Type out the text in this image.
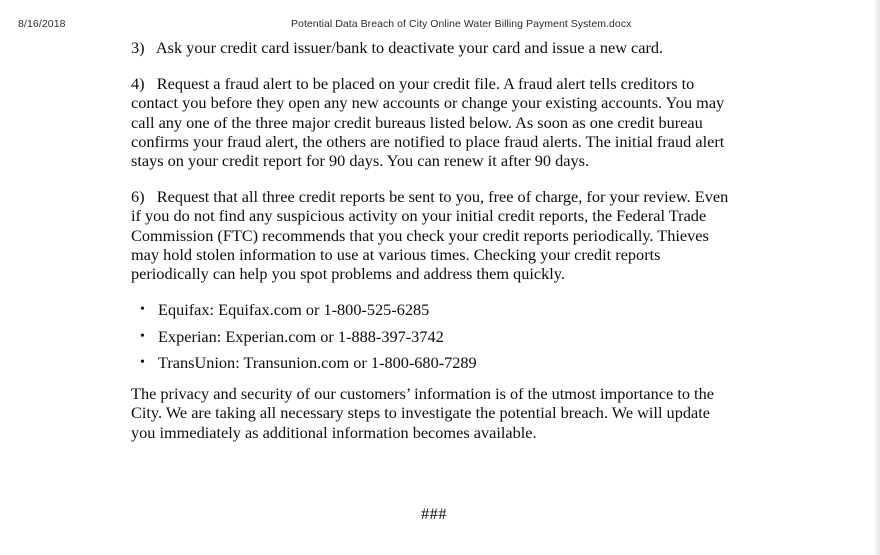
8/16/2018	Potential Data Breach of City Online Water Billing Payment System.docx
3) Ask your credit card issuer/bank to deactivate your card and issue a new card.
4) Request a fraud alert to be placed on your credit file. A fraud alert tells creditors to contact you before they open any new accounts or change your existing accounts. You may call any one of the three major credit bureaus listed below. As soon as one credit bureau confirms your fraud alert, the others are notified to place fraud alerts. The initial fraud alert stays on your credit report for 90 days. You can renew it after 90 days.
6) Request that all three credit reports be sent to you, free of charge, for your review. Even if you do not find any suspicious activity on your initial credit reports, the Federal Trade Commission (FTC) recommends that you check your credit reports periodically. Thieves may hold stolen information to use at various times. Checking your credit reports periodically can help you spot problems and address them quickly.
• Equifax: Equifax.com or 1-800-525-6285
• Experian: Experian.com or 1-888-397-3742
• TransUnion: Transunion.com or 1-800-680-7289

The privacy and security of our customers’ information is of the utmost importance to the City. We are taking all necessary steps to investigate the potential breach. We will update you immediately as additional information becomes available.

###
